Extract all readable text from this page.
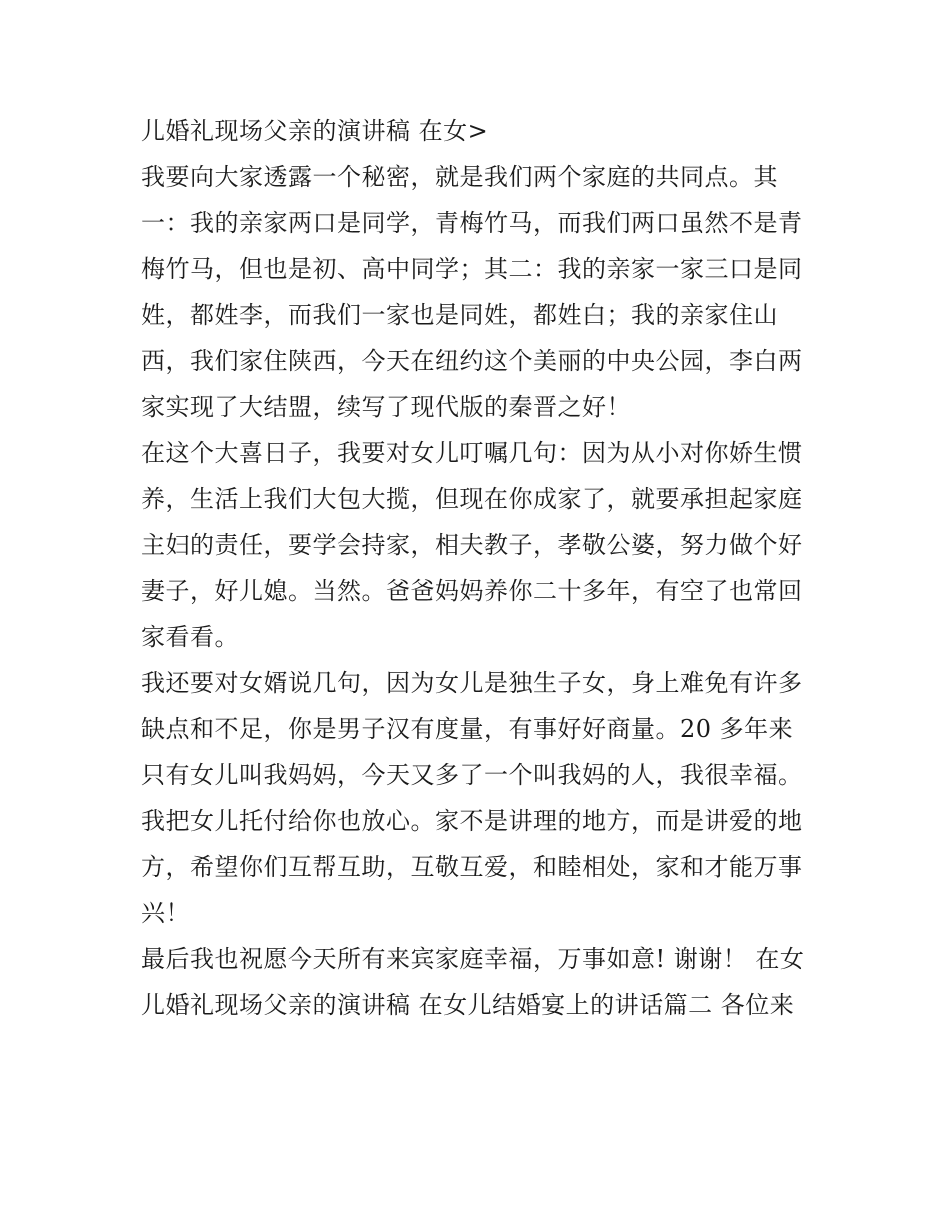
儿婚礼现场父亲的演讲稿 在女>
我要向大家透露一个秘密，就是我们两个家庭的共同点。其
一：我的亲家两口是同学，青梅竹马，而我们两口虽然不是青
梅竹马，但也是初、高中同学；其二：我的亲家一家三口是同
姓，都姓李，而我们一家也是同姓，都姓白；我的亲家住山
西，我们家住陕西，今天在纽约这个美丽的中央公园，李白两
家实现了大结盟，续写了现代版的秦晋之好！
在这个大喜日子，我要对女儿叮嘱几句：因为从小对你娇生惯
养，生活上我们大包大揽，但现在你成家了，就要承担起家庭
主妇的责任，要学会持家，相夫教子，孝敬公婆，努力做个好
妻子，好儿媳。当然。爸爸妈妈养你二十多年，有空了也常回
家看看。
我还要对女婿说几句，因为女儿是独生子女，身上难免有许多
缺点和不足，你是男子汉有度量，有事好好商量。20 多年来
只有女儿叫我妈妈，今天又多了一个叫我妈的人，我很幸福。
我把女儿托付给你也放心。家不是讲理的地方，而是讲爱的地
方，希望你们互帮互助，互敬互爱，和睦相处，家和才能万事
兴！
最后我也祝愿今天所有来宾家庭幸福，万事如意! 谢谢！ 在女
儿婚礼现场父亲的演讲稿 在女儿结婚宴上的讲话篇二 各位来
